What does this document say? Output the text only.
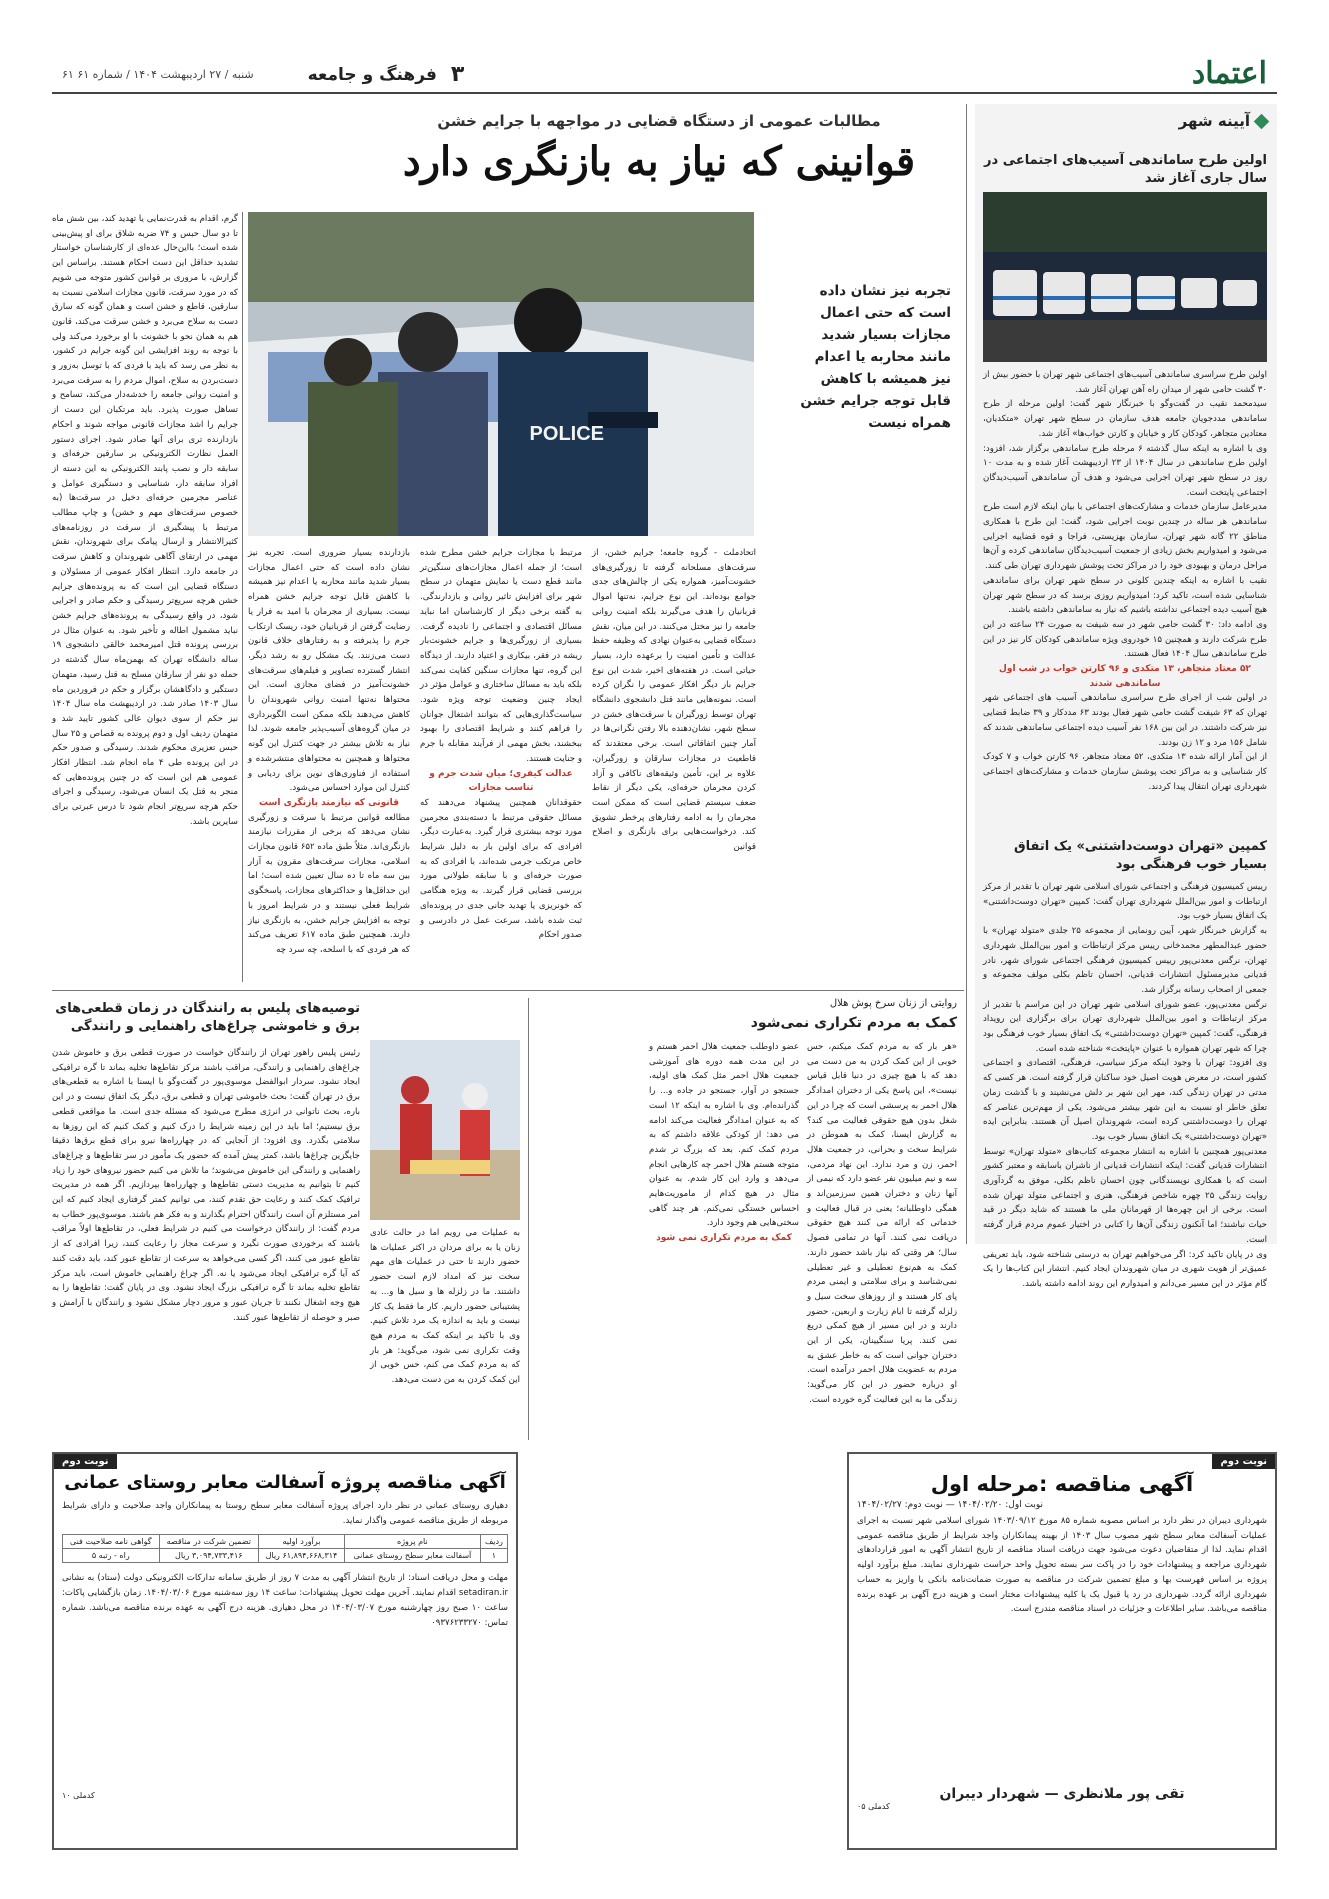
اعتماد
۳
فرهنگ و جامعه
شنبه / ۲۷ اردیبهشت ۱۴۰۴ / شماره ۶۱ ۶۱
آیینه شهر
اولین طرح ساماندهی آسیب‌های اجتماعی در سال جاری آغاز شد

اولین طرح سراسری ساماندهی آسیب‌های اجتماعی شهر تهران با حضور بیش از ۳۰ گشت حامی شهر از میدان راه آهن تهران آغاز شد.

سیدمحمد نقیب در گفت‌وگو با خبرنگار شهر گفت: اولین مرحله از طرح ساماندهی مددجویان جامعه هدف سازمان در سطح شهر تهران «متکدیان، معتادین متجاهر، کودکان کار و خیابان و کارتن خواب‌ها» آغاز شد.

وی با اشاره به اینکه سال گذشته ۶ مرحله طرح ساماندهی برگزار شد، افزود: اولین طرح ساماندهی در سال ۱۴۰۴ از ۲۳ اردیبهشت آغاز شده و به مدت ۱۰ روز در سطح شهر تهران اجرایی می‌شود و هدف آن ساماندهی آسیب‌دیدگان اجتماعی پایتخت است.

مدیرعامل سازمان خدمات و مشارکت‌های اجتماعی با بیان اینکه لازم است طرح ساماندهی هر ساله در چندین نوبت اجرایی شود، گفت: این طرح با همکاری مناطق ۲۲ گانه شهر تهران، سازمان بهزیستی، فراجا و قوه قضاییه اجرایی می‌شود و امیدواریم بخش زیادی از جمعیت آسیب‌دیدگان ساماندهی کرده و آن‌ها مراحل درمان و بهبودی خود را در مراکز تحت پوشش شهرداری تهران طی کنند.

نقیب با اشاره به اینکه چندین کلونی در سطح شهر تهران برای ساماندهی شناسایی شده است، تاکید کرد: امیدواریم روزی برسد که در سطح شهر تهران هیچ آسیب دیده اجتماعی نداشته باشیم که نیاز به ساماندهی داشته باشند.

وی ادامه داد: ۳۰ گشت حامی شهر در سه شیفت به صورت ۲۴ ساعته در این طرح شرکت دارند و همچنین ۱۵ خودروی ویژه ساماندهی کودکان کار نیز در این طرح ساماندهی سال ۱۴۰۴ فعال هستند.

۵۲ معتاد متجاهر، ۱۳ متکدی و ۹۶ کارتن خواب در شب اول ساماندهی شدند

در اولین شب از اجرای طرح سراسری ساماندهی آسیب های اجتماعی شهر تهران که ۶۳ شیفت گشت حامی شهر فعال بودند ۶۳ مددکار و ۳۹ ضابط قضایی نیز شرکت داشتند. در این بین ۱۶۸ نفر آسیب دیده اجتماعی ساماندهی شدند که شامل ۱۵۶ مرد و ۱۲ زن بودند.

از این آمار ارائه شده ۱۳ متکدی، ۵۲ معتاد متجاهر، ۹۶ کارتن خواب و ۷ کودک کار شناسایی و به مراکز تحت پوشش سازمان خدمات و مشارکت‌های اجتماعی شهرداری تهران انتقال پیدا کردند.

کمپین «تهران دوست‌داشتنی» یک اتفاق بسیار خوب فرهنگی بود

رییس کمیسیون فرهنگی و اجتماعی شورای اسلامی شهر تهران با تقدیر از مرکز ارتباطات و امور بین‌الملل شهرداری تهران گفت: کمپین «تهران دوست‌داشتنی» یک اتفاق بسیار خوب بود.

به گزارش خبرنگار شهر، آیین رونمایی از مجموعه ۲۵ جلدی «متولد تهران» با حضور عبدالمطهر محمدخانی رییس مرکز ارتباطات و امور بین‌الملل شهرداری تهران، نرگس معدنی‌پور رییس کمیسیون فرهنگی اجتماعی شورای شهر، نادر قدیانی مدیرمسئول انتشارات قدیانی، احسان تاظم بکلی مولف مجموعه و جمعی از اصحاب رسانه برگزار شد.

نرگس معدنی‌پور، عضو شورای اسلامی شهر تهران در این مراسم با تقدیر از مرکز ارتباطات و امور بین‌الملل شهرداری تهران برای برگزاری این رویداد فرهنگی، گفت: کمپین «تهران دوست‌داشتنی» یک اتفاق بسیار خوب فرهنگی بود چرا که شهر تهران همواره با عنوان «پایتخت» شناخته شده است.

وی افزود: تهران با وجود اینکه مرکز سیاسی، فرهنگی، اقتصادی و اجتماعی کشور است، در معرض هویت اصیل خود ساکنان قرار گرفته است. هر کسی که مدتی در تهران زندگی کند، مهر این شهر بر دلش می‌نشیند و با گذشت زمان تعلق خاطر او نسبت به این شهر بیشتر می‌شود. یکی از مهم‌ترین عناصر که تهران را دوست‌داشتنی کرده است، شهروندان اصیل آن هستند. بنابراین ایده «تهران دوست‌داشتنی» یک اتفاق بسیار خوب بود.

معدنی‌پور همچنین با اشاره به انتشار مجموعه کتاب‌های «متولد تهران» توسط انتشارات قدیانی گفت: اینکه انتشارات قدیانی از ناشران باسابقه و معتبر کشور است که با همکاری نویسندگانی چون احسان ناظم بکلی، موفق به گردآوری روایت زندگی ۲۵ چهره شاخص فرهنگی، هنری و اجتماعی متولد تهران شده است. برخی از این چهره‌ها از قهرمانان ملی ما هستند که شاید دیگر در قید حیات نباشند؛ اما آنکنون زندگی آن‌ها را کتابی در اختیار عموم مردم قرار گرفته است.

وی در پایان تاکید کرد: اگر می‌خواهیم تهران به درستی شناخته شود، باید تعریفی عمیق‌تر از هویت شهری در میان شهروندان ایجاد کنیم. انتشار این کتاب‌ها را یک گام مؤثر در این مسیر می‌دانم و امیدوارم این روند ادامه داشته باشد.

مطالبات عمومی از دستگاه قضایی در مواجهه با جرایم خشن
قوانینی که نیاز به بازنگری دارد
POLICE
تجربه نیز نشان داده است که حتی اعمال مجازات بسیار شدید مانند محاربه یا اعدام نیز همیشه با کاهش قابل توجه جرایم خشن همراه نیست
گرم، اقدام به قدرت‌نمایی یا تهدید کند، بین شش ماه تا دو سال حبس و ۷۴ ضربه شلاق برای او پیش‌بینی شده است؛ بااین‌حال عده‌ای از کارشناسان خواستار تشدید حداقل این دست احکام هستند. براساس این گزارش، با مروری بر قوانین کشور متوجه می شویم که در مورد سرقت، قانون مجازات اسلامی نسبت به سارقین، قاطع و خشن است و همان گونه که سارق دست به سلاح می‌برد و خشن سرقت می‌کند، قانون هم به همان نحو با خشونت با او برخورد می‌کند ولی با توجه به روند افزایشی این گونه جرایم در کشور، به نظر می رسد که باید با فردی که با توسل به‌زور و دست‌بردن به سلاح، اموال مردم را به سرقت می‌برد و امنیت روانی جامعه را خدشه‌دار می‌کند، تسامح و تساهل صورت پذیرد. باید مرتکبان این دست از جرایم را اشد مجازات قانونی مواجه شوند و احکام بازدارنده تری برای آنها صادر شود. اجرای دستور العمل نظارت الکترونیکی بر سارقین حرفه‌ای و سابقه دار و نصب پابند الکترونیکی به این دسته از افراد سابقه دار، شناسایی و دستگیری عوامل و عناصر مجرمین حرفه‌ای دخیل در سرقت‌ها (به خصوص سرقت‌های مهم و خشن) و چاپ مطالب مرتبط با پیشگیری از سرقت در روزنامه‌های کثیرالانتشار و ارسال پیامک برای شهروندان، نقش مهمی در ارتقای آگاهی شهروندان و کاهش سرقت در جامعه دارد. انتظار افکار عمومی از مسئولان و دستگاه قضایی این است که به پرونده‌های جرایم خشن هرچه سریع‌تر رسیدگی و حکم صادر و اجرایی شود، در واقع رسیدگی به پرونده‌های جرایم خشن نباید مشمول اطاله و تأخیر شود. به عنوان مثال در بررسی پرونده قتل امیرمحمد خالقی دانشجوی ۱۹ ساله دانشگاه تهران که بهمن‌ماه سال گذشته در حمله دو نفر از سارقان مسلح به قتل رسید، متهمان دستگیر و دادگاهشان برگزار و حکم در فروردین ماه سال ۱۴۰۳ صادر شد. در اردیبهشت ماه سال ۱۴۰۴ نیز حکم از سوی دیوان عالی کشور تایید شد و متهمان ردیف اول و دوم پرونده به قصاص و ۲۵ سال حبس تعزیری محکوم شدند. رسیدگی و صدور حکم در این پرونده طی ۴ ماه انجام شد. انتظار افکار عمومی هم این است که در چنین پرونده‌هایی که منجر به قتل یک انسان می‌شود، رسیدگی و اجرای حکم هرچه سریع‌تر انجام شود تا درس عبرتی برای سایرین باشد.

بازدارنده بسیار ضروری است. تجربه نیز نشان داده است که حتی اعمال مجازات بسیار شدید مانند محاربه یا اعدام نیز همیشه با کاهش قابل توجه جرایم خشن همراه نیست. بسیاری از مجرمان با امید به فرار یا رضایت گرفتن از قربانیان خود، ریسک ارتکاب جرم را پذیرفته و به رفتارهای خلاف قانون دست می‌زنند. یک مشکل رو به رشد دیگر، انتشار گسترده تصاویر و فیلم‌های سرقت‌های خشونت‌آمیز در فضای مجازی است. این محتواها نه‌تنها امنیت روانی شهروندان را کاهش می‌دهند بلکه ممکن است الگوبرداری در میان گروه‌های آسیب‌پذیر جامعه شوند. لذا نیاز به تلاش بیشتر در جهت کنترل این گونه محتواها و همچنین به محتواهای منتشرشده و استفاده از فناوری‌های نوین برای ردیابی و کنترل این موارد احساس می‌شود.

قانونی که نیازمند بازنگری است

مطالعه قوانین مرتبط با سرقت و زورگیری نشان می‌دهد که برخی از مقررات نیازمند بازنگری‌اند. مثلاً طبق ماده ۶۵۲ قانون مجازات اسلامی، مجازات سرقت‌های مقرون به آزار بین سه ماه تا ده سال تعیین شده است؛ اما این حداقل‌ها و حداکثرهای مجازات، پاسخگوی شرایط فعلی نیستند و در شرایط امروز با توجه به افزایش جرایم خشن، به بازنگری نیاز دارند. همچنین طبق ماده ۶۱۷ تعریف می‌کند که هر فردی که با اسلحه، چه سرد چه

مرتبط با مجازات جرایم خشن مطرح شده است؛ از جمله اعمال مجازات‌های سنگین‌تر مانند قطع دست یا نمایش متهمان در سطح شهر برای افزایش تاثیر روانی و بازدارندگی. به گفته برخی دیگر از کارشناسان اما نباید مسائل اقتصادی و اجتماعی را نادیده گرفت. بسیاری از زورگیری‌ها و جرایم خشونت‌بار ریشه در فقر، بیکاری و اعتیاد دارند. از دیدگاه این گروه، تنها مجازات سنگین کفایت نمی‌کند بلکه باید به مسائل ساختاری و عوامل مؤثر در ایجاد چنین وضعیت توجه ویژه شود. سیاست‌گذاری‌هایی که بتوانند اشتغال جوانان را فراهم کنند و شرایط اقتصادی را بهبود ببخشند، بخش مهمی از فرآیند مقابله با جرم و جنایت هستند.

عدالت کیفری؛ میان شدت جرم و تناسب مجازات

حقوقدانان همچنین پیشنهاد می‌دهند که مسائل حقوقی مرتبط با دسته‌بندی مجرمین مورد توجه بیشتری قرار گیرد. به‌عبارت دیگر، افرادی که برای اولین بار به دلیل شرایط خاص مرتکب جرمی شده‌اند، با افرادی که به صورت حرفه‌ای و با سابقه طولانی مورد بررسی قضایی قرار گیرند. به ویژه هنگامی که خونریزی یا تهدید جانی جدی در پرونده‌ای ثبت شده باشد، سرعت عمل در دادرسی و صدور احکام

اتحادملت - گروه جامعه؛ جرایم خشن، از سرقت‌های مسلحانه گرفته تا زورگیری‌های خشونت‌آمیز، همواره یکی از چالش‌های جدی جوامع بوده‌اند. این نوع جرایم، نه‌تنها اموال قربانیان را هدف می‌گیرند بلکه امنیت روانی جامعه را نیز مختل می‌کنند. در این میان، نقش دستگاه قضایی به‌عنوان نهادی که وظیفه حفظ عدالت و تأمین امنیت را برعهده دارد، بسیار حیاتی است. در هفته‌های اخیر، شدت این نوع جرایم بار دیگر افکار عمومی را نگران کرده است. نمونه‌هایی مانند قتل دانشجوی دانشگاه تهران توسط زورگیران با سرقت‌های خشن در سطح شهر، نشان‌دهنده بالا رفتن نگرانی‌ها در آمار چنین اتفاقاتی است. برخی معتقدند که قاطعیت در مجازات سارقان و زورگیران، علاوه بر این، تأمین وثیقه‌های ناکافی و آزاد کردن مجرمان حرفه‌ای، یکی دیگر از نقاط ضعف سیستم قضایی است که ممکن است مجرمان را به ادامه رفتارهای پرخطر تشویق کند. درخواست‌هایی برای بازنگری و اصلاح قوانین
روایتی از زنان سرخ پوش هلال
کمک به مردم تکراری نمی‌شود
«هر بار که به مردم کمک میکنم، حس خوبی از این کمک کردن به من دست می دهد که با هیچ چیزی در دنیا قابل قیاس نیست»، این پاسخ یکی از دختران امدادگر هلال احمر به پرسشی است که چرا در این شغل بدون هیچ حقوقی فعالیت می کند؟ به گزارش ایسنا، کمک به هموطن در شرایط سخت و بحرانی، در جمعیت هلال احمر، زن و مرد ندارد. این نهاد مردمی، سه و نیم میلیون نفر عضو دارد که نیمی از آنها زنان و دختران همین سرزمین‌اند و همگی داوطلبانه؛ یعنی در قبال فعالیت و خدماتی که ارائه می کنند هیچ حقوقی دریافت نمی کنند. آنها در تمامی فصول سال؛ هر وقتی که نیاز باشد حضور دارند. کمک به هم‌نوع تعطیلی و غیر تعطیلی نمی‌شناسد و برای سلامتی و ایمنی مردم پای کار هستند و از روزهای سخت سیل و زلزله گرفته تا ایام زیارت و اربعین، حضور دارند و در این مسیر از هیچ کمکی دریغ نمی کنند. پریا سنگیینان، یکی از این دختران جوانی است که به خاطر عشق به مردم به عضویت هلال احمر درآمده است. او درباره حضور در این کار می‌گوید: زندگی ما به این فعالیت گره خورده است.

عضو داوطلب جمعیت هلال احمر هستم و در این مدت همه دوره های آموزشی جمعیت هلال احمر مثل کمک های اولیه، جستجو در آوار، جستجو در جاده و... را گذرانده‌ام. وی با اشاره به اینکه ۱۲ است که به عنوان امدادگر فعالیت می‌کند ادامه می دهد: از کودکی علاقه داشتم که به مردم کمک کنم. بعد که بزرگ تر شدم متوجه هستم هلال احمر چه کارهایی انجام می‌دهد و وارد این کار شدم. به عنوان مثال در هیچ کدام از ماموریت‌هایم احساس خستگی نمی‌کنم. هر چند گاهی سختی‌هایی هم وجود دارد.

کمک به مردم تکراری نمی شود

به عملیات می رویم اما در حالت عادی زنان یا به برای مردان در اکثر عملیات ها حضور دارند تا حتی در عملیات های مهم سخت نیز که امداد لازم است حضور داشتند. ما در زلزله ها و سیل ها و... به پشتیبانی حضور داریم. کار ما فقط یک کار نیست و باید به اندازه یک مرد تلاش کنیم. وی با تاکید بر اینکه کمک به مردم هیچ وقت تکراری نمی شود، می‌گوید: هر بار که به مردم کمک می کنم، حس خوبی از این کمک کردن به من دست می‌دهد.
توصیه‌های پلیس به رانندگان در زمان قطعی‌های برق و خاموشی چراغ‌های راهنمایی و رانندگی
رئیس پلیس راهور تهران از رانندگان خواست در صورت قطعی برق و خاموش شدن چراغ‌های راهنمایی و رانندگی، مراقب باشند مرکز تقاطع‌ها تخلیه بماند تا گره ترافیکی ایجاد نشود. سردار ابوالفضل موسوی‌پور در گفت‌وگو با ایسنا با اشاره به قطعی‌های برق در تهران گفت: بحث خاموشی تهران و قطعی برق، دیگر یک اتفاق نیست و در این باره، بحث ناتوانی در انرژی مطرح می‌شود که مسئله جدی است. ما مواقعی قطعی برق نیستیم؛ اما باید در این زمینه شرایط را درک کنیم و کمک کنیم که این روزها به سلامتی بگذرد. وی افزود: از آنجایی که در چهارراه‌ها نیرو برای قطع برق‌ها دقیقا جایگزین چراغ‌ها باشد، کمتر پیش آمده که حضور یک مأمور در سر تقاطع‌ها و چراغ‌های راهنمایی و رانندگی این خاموش می‌شوند؛ ما تلاش می کنیم حضور نیروهای خود را زیاد کنیم تا بتوانیم به مدیریت دستی تقاطع‌ها و چهارراه‌ها بپردازیم. اگر همه در مدیریت ترافیک کمک کنند و رعایت حق تقدم کنند، می توانیم کمتر گرفتاری ایجاد کنیم که این امر مستلزم آن است رانندگان احترام بگذارند و به فکر هم باشند. موسوی‌پور خطاب به مردم گفت: از رانندگان درخواست می کنیم در شرایط فعلی، در تقاطع‌ها اولاً مراقب باشند که برخوردی صورت نگیرد و سرعت مجاز را رعایت کنند، زیرا افرادی که از تقاطع عبور می کنند، اگر کسی می‌خواهد به سرعت از تقاطع عبور کند، باید دقت کنند که آیا گره ترافیکی ایجاد می‌شود یا نه. اگر چراغ راهنمایی خاموش است، باید مرکز تقاطع تخلیه بماند تا گره ترافیکی بزرگ ایجاد نشود. وی در پایان گفت: تقاطع‌ها را به هیچ وجه اشغال نکنند تا جریان عبور و مرور دچار مشکل نشود و رانندگان با آرامش و صبر و حوصله از تقاطع‌ها عبور کنند.
نوبت دوم
آگهی مناقصه :مرحله اول
نوبت اول: ۱۴۰۴/۰۲/۲۰ — نوبت دوم: ۱۴۰۴/۰۲/۲۷
شهرداری دیبران در نظر دارد بر اساس مصوبه شماره ۸۵ مورخ ۱۴۰۳/۰۹/۱۲ شورای اسلامی شهر نسبت به اجرای عملیات آسفالت معابر سطح شهر مصوب سال ۱۴۰۳ از بهینه پیمانکاران واجد شرایط از طریق مناقصه عمومی اقدام نماید. لذا از متقاضیان دعوت می‌شود جهت دریافت اسناد مناقصه از تاریخ انتشار آگهی به امور قراردادهای شهرداری مراجعه و پیشنهادات خود را در پاکت سر بسته تحویل واحد حراست شهرداری نمایند. مبلغ برآورد اولیه پروژه بر اساس فهرست بها و مبلغ تضمین شرکت در مناقصه به صورت ضمانت‌نامه بانکی یا واریز به حساب شهرداری ارائه گردد. شهرداری در رد یا قبول یک یا کلیه پیشنهادات مختار است و هزینه درج آگهی بر عهده برنده مناقصه می‌باشد. سایر اطلاعات و جزئیات در اسناد مناقصه مندرج است.
تقی پور ملانظری — شهردار دیبران
کدملی ۰۵
نوبت دوم
آگهی مناقصه پروژه آسفالت معابر روستای عمانی
دهیاری روستای عمانی در نظر دارد اجرای پروژه آسفالت معابر سطح روستا به پیمانکاران واجد صلاحیت و دارای شرایط مربوطه از طریق مناقصه عمومی واگذار نماید.
ردیف	نام پروژه	برآورد اولیه	تضمین شرکت در مناقصه	گواهی نامه صلاحیت فنی
۱	آسفالت معابر سطح روستای عمانی	۶۱,۸۹۴,۶۶۸,۳۱۴ ریال	۳,۰۹۴,۷۳۳,۴۱۶ ریال	راه - رتبه ۵
مهلت و محل دریافت اسناد: از تاریخ انتشار آگهی به مدت ۷ روز از طریق سامانه تدارکات الکترونیکی دولت (ستاد) به نشانی setadiran.ir اقدام نمایند. آخرین مهلت تحویل پیشنهادات: ساعت ۱۴ روز سه‌شنبه مورخ ۱۴۰۴/۰۳/۰۶. زمان بازگشایی پاکات: ساعت ۱۰ صبح روز چهارشنبه مورخ ۱۴۰۴/۰۳/۰۷ در محل دهیاری. هزینه درج آگهی به عهده برنده مناقصه می‌باشد. شماره تماس: ۰۹۳۷۶۲۳۳۲۷۰
کدملی ۱۰
